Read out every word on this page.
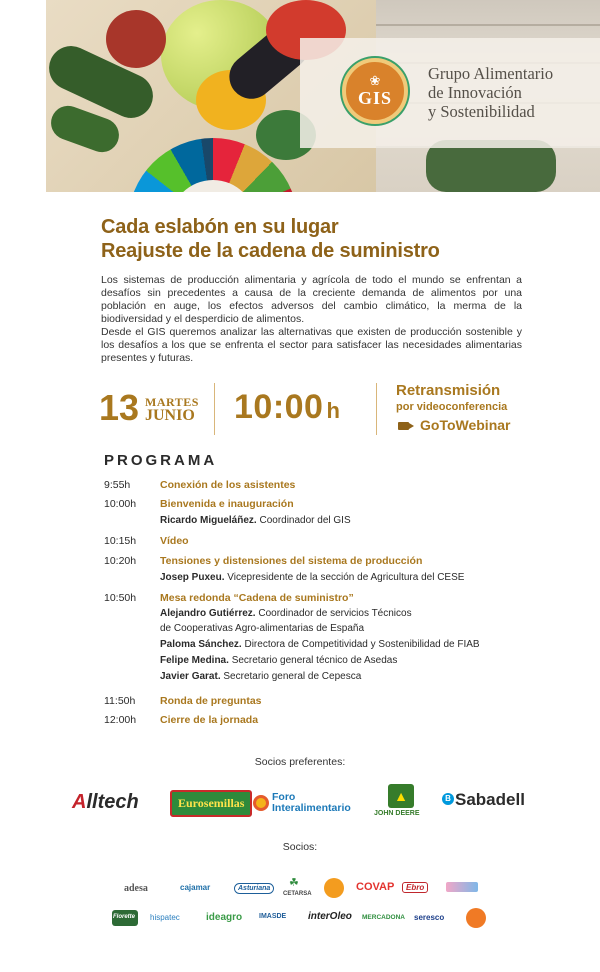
❀
GIS
Grupo Alimentario
de Innovación
y Sostenibilidad
Cada eslabón en su lugar
Reajuste de la cadena de suministro

Los sistemas de producción alimentaria y agrícola de todo el mundo se enfrentan a desafíos sin precedentes a causa de la creciente demanda de alimentos por una población en auge, los efectos adversos del cambio climático, la merma de la biodiversidad y el desperdicio de alimentos.

Desde el GIS queremos analizar las alternativas que existen de producción sostenible y los desafíos a los que se enfrenta el sector para satisfacer las necesidades alimentarias presentes y futuras.

13 MARTES
JUNIO 10:00 h
Retransmisión
por videoconferencia
GoToWebinar
PROGRAMA
9:55h	Conexión de los asistentes
10:00h	Bienvenida e inauguración
Ricardo Migueláñez. Coordinador del GIS
10:15h	Vídeo
10:20h	Tensiones y distensiones del sistema de producción
Josep Puxeu. Vicepresidente de la sección de Agricultura del CESE
10:50h	Mesa redonda “Cadena de suministro”
Alejandro Gutiérrez. Coordinador de servicios Técnicos
de Cooperativas Agro-alimentarias de España
Paloma Sánchez. Directora de Competitividad y Sostenibilidad de FIAB
Felipe Medina. Secretario general técnico de Asedas
Javier Garat. Secretario general de Cepesca
11:50h	Ronda de preguntas
12:00h	Cierre de la jornada
Socios preferentes:
Alltech	Eurosemillas	Foro
Interalimentario
▲
JOHN DEERE
B Sabadell
Socios:
adesa	cajamar	Asturiana	☘
CETARSA
COVAP	Ebro
Florette hispatec	ideagro IMASDE interOleo MERCADONA seresco
